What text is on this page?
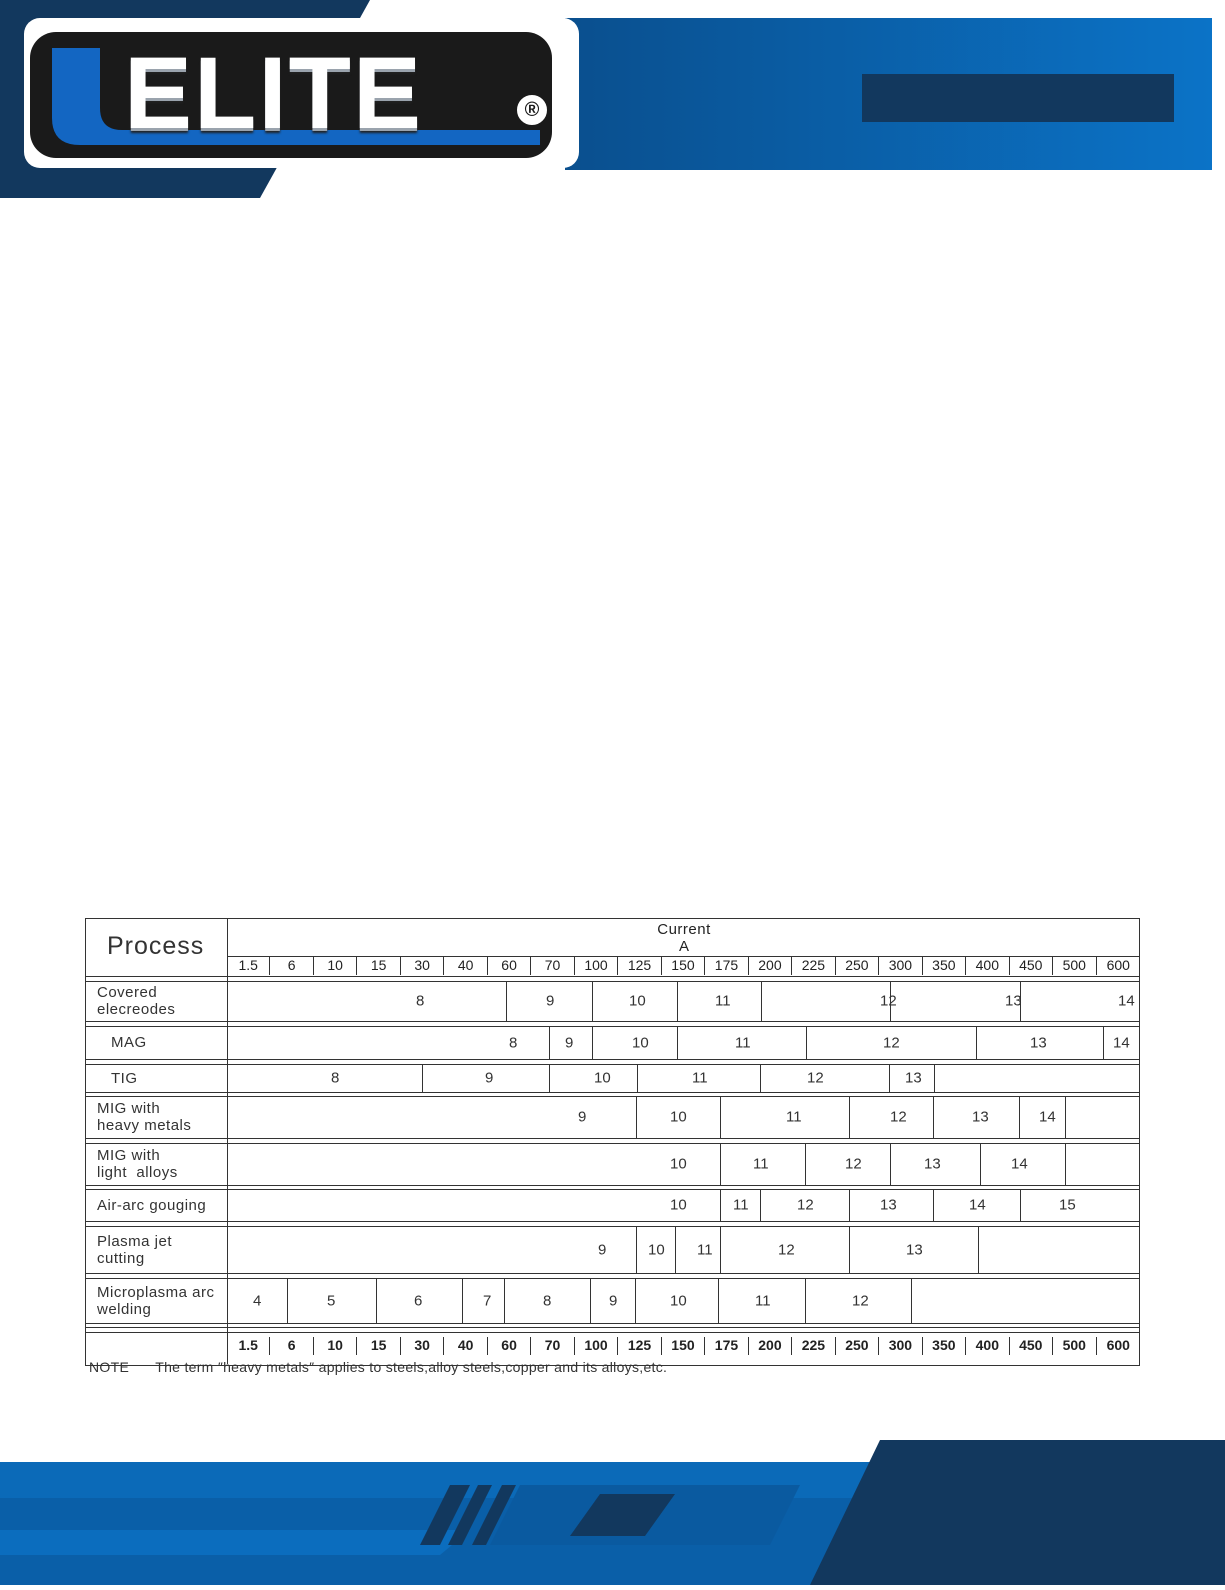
ELITE	®
Process
Current
A
1.5	6	10	15	30	40	60	70	100	125	150	175	200	225	250	300	350	400	450	500	600
Covered
elecreodes	8	9	10	11	12	13	14
MAG	8	9	10	11	12	13	14
TIG	8	9	10	11	12	13
MIG with
heavy metals	9	10	11	12	13	14
MIG with
light  alloys	10	11	12	13	14
Air-arc gouging	10	11	12	13	14	15
Plasma jet
cutting	9	10 11	12	13
Microplasma arc
welding	4	5	6	7	8	9	10	11	12
1.5	6	10	15	30	40	60	70	100	125	150	175	200	225	250	300	350	400	450	500	600
NOTE The term ″heavy metals″ applies to steels,alloy steels,copper and its alloys,etc.
